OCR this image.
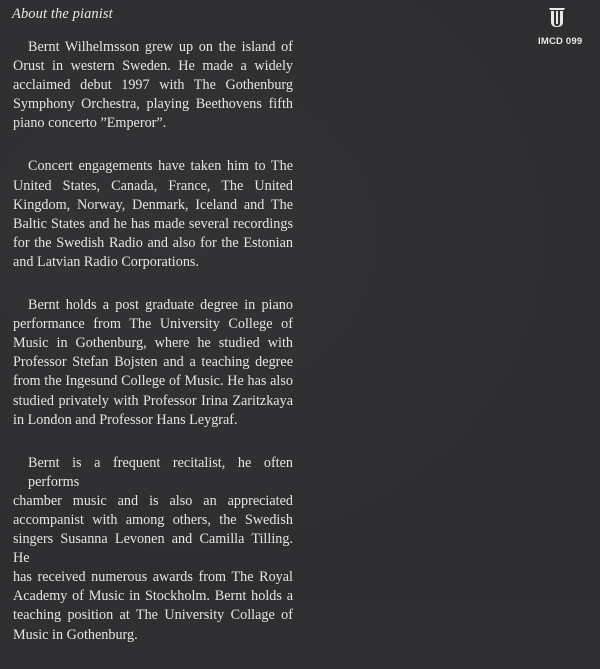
About the pianist
IMCD 099
Bernt Wilhelmsson grew up on the island of
Orust in western Sweden. He made a widely
acclaimed debut 1997 with The Gothenburg
Symphony Orchestra, playing Beethovens fifth
piano concerto ”Emperor”.
Concert engagements have taken him to The
United States, Canada, France, The United
Kingdom, Norway, Denmark, Iceland and The
Baltic States and he has made several recordings
for the Swedish Radio and also for the Estonian
and Latvian Radio Corporations.
Bernt holds a post graduate degree in piano
performance from The University College of
Music in Gothenburg, where he studied with
Professor Stefan Bojsten and a teaching degree
from the Ingesund College of Music. He has also
studied privately with Professor Irina Zaritzkaya
in London and Professor Hans Leygraf.
Bernt is a frequent recitalist, he often performs
chamber music and is also an appreciated
accompanist with among others, the Swedish
singers Susanna Levonen and Camilla Tilling. He
has received numerous awards from The Royal
Academy of Music in Stockholm. Bernt holds a
teaching position at The University Collage of
Music in Gothenburg.
